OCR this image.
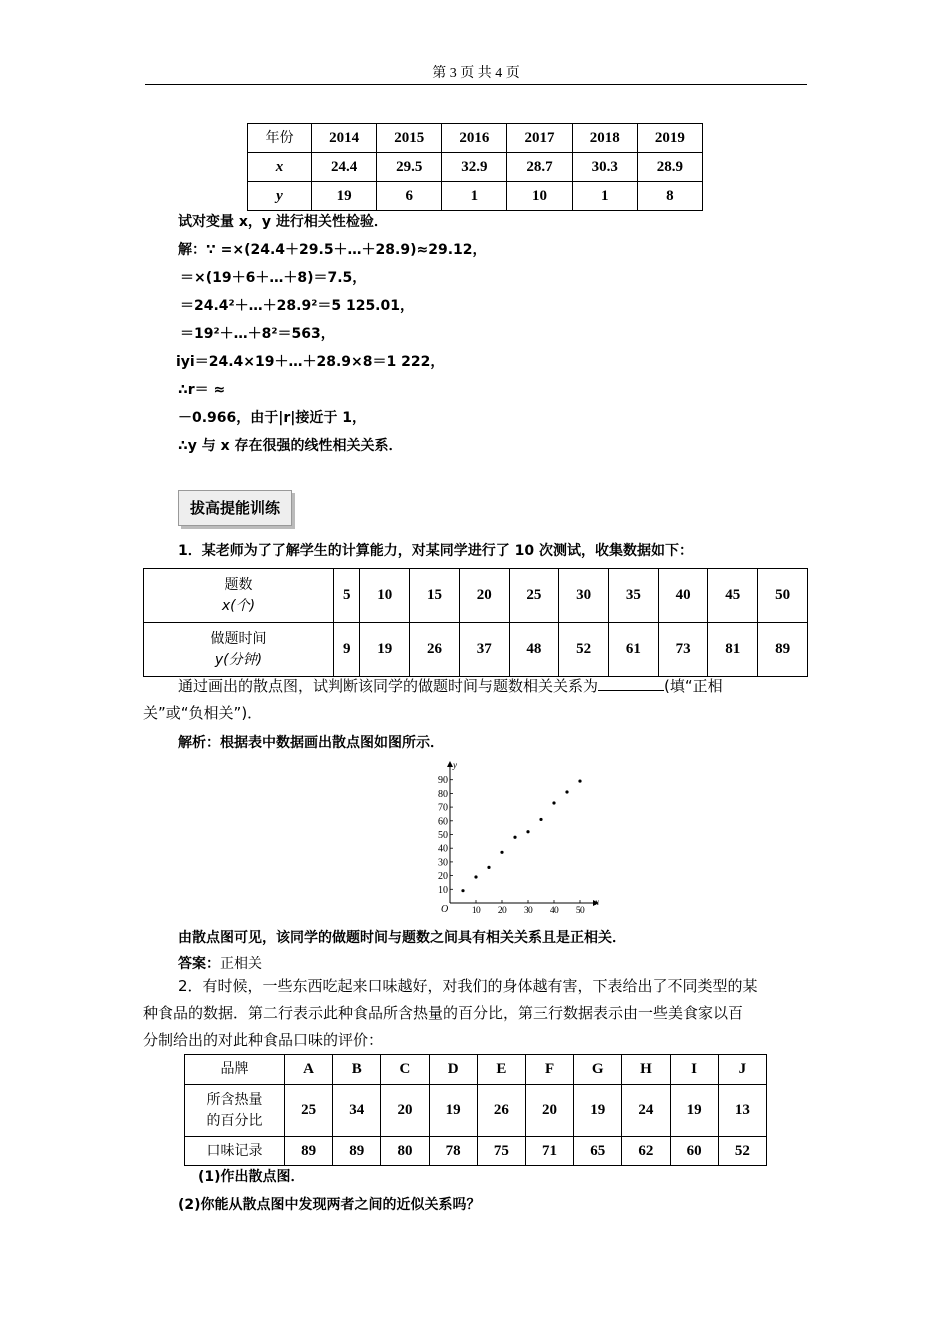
第 3 页 共 4 页
年份	2014	2015	2016	2017	2018	2019
x	24.4	29.5	32.9	28.7	30.3	28.9
y	19	6	1	10	1	8
试对变量 x，y 进行相关性检验．
解：∵ =×(24.4＋29.5＋…＋28.9)≈29.12，
＝×(19＋6＋…＋8)＝7.5，
＝24.4²＋…＋28.9²＝5 125.01，
＝19²＋…＋8²＝563，
iyi＝24.4×19＋…＋28.9×8＝1 222，
∴r＝ ≈
－0.966，由于|r|接近于 1，
∴y 与 x 存在很强的线性相关关系．
拔高提能训练
1．某老师为了了解学生的计算能力，对某同学进行了 10 次测试，收集数据如下：
题数
x(个)	5	10	15	20	25	30	35	40	45	50

做题时间
y(分钟)	9	19	26	37	48	52	61	73	81	89
通过画出的散点图，试判断该同学的做题时间与题数相关关系为	(填“正相
关”或“负相关”)．
解析：根据表中数据画出散点图如图所示．
x
y
O
10
20
30
40
50
60
70
80
90
10 20 30 40 50
由散点图可见，该同学的做题时间与题数之间具有相关关系且是正相关．
答案：正相关
2．有时候，一些东西吃起来口味越好，对我们的身体越有害，下表给出了不同类型的某
种食品的数据．第二行表示此种食品所含热量的百分比，第三行数据表示由一些美食家以百
分制给出的对此种食品口味的评价：
品牌	A	B	C	D	E	F	G	H	I	J

所含热量
的百分比	25	34	20	19	26	20	19	24	19	13
口味记录	89	89	80	78	75	71	65	62	60	52
(1)作出散点图．
(2)你能从散点图中发现两者之间的近似关系吗？
